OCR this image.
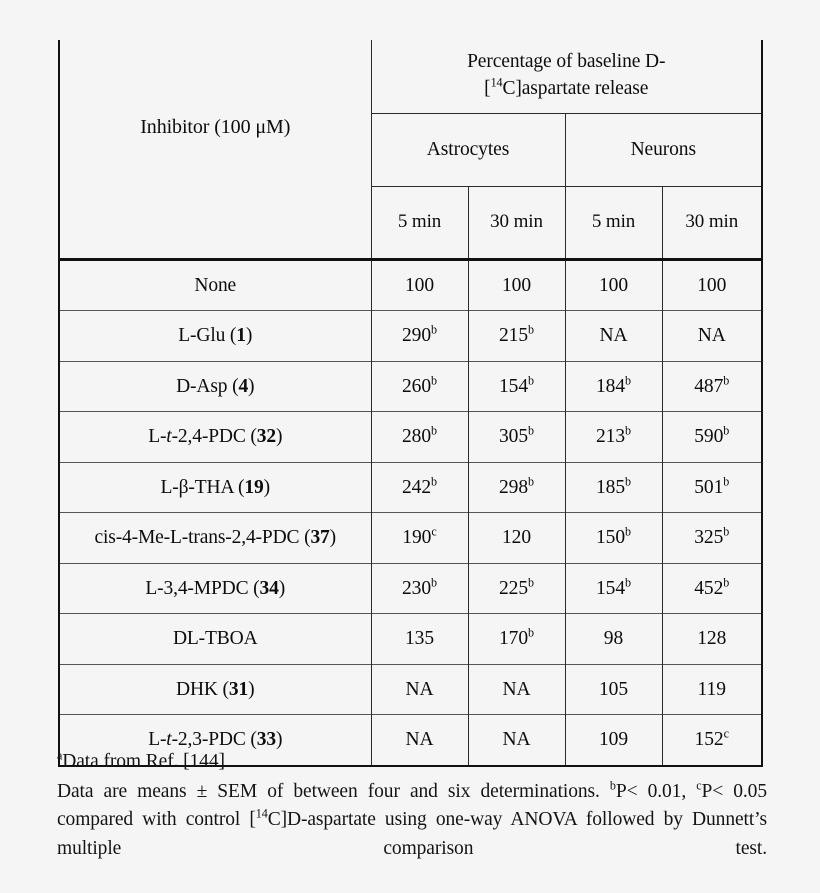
Inhibitor (100 μM)	Percentage of baseline D-
[$^{14}$C]aspartate release			
	Astrocytes		Neurons	
	5 min	30 min	5 min	30 min

None	100	100	100	100
L-Glu (1)	290$^b$	215$^b$	NA	NA
D-Asp (4)	260$^b$	154$^b$	184$^b$	487$^b$
L-t-2,4-PDC (32)	280$^b$	305$^b$	213$^b$	590$^b$
L-β-THA (19)	242$^b$	298$^b$	185$^b$	501$^b$
cis-4-Me-L-trans-2,4-PDC (37)	190$^c$	120	150$^b$	325$^b$
L-3,4-MPDC (34)	230$^b$	225$^b$	154$^b$	452$^b$
DL-TBOA	135	170$^b$	98	128
DHK (31)	NA	NA	105	119
L-t-2,3-PDC (33)	NA	NA	109	152$^c$

$^a$Data from Ref. [144]

Data are means ± SEM of between four and six determinations. $^b$P< 0.01, $^c$P< 0.05 compared with control [$^{14}$C]D-aspartate using one-way ANOVA followed by Dunnett’s multiple comparison test.
